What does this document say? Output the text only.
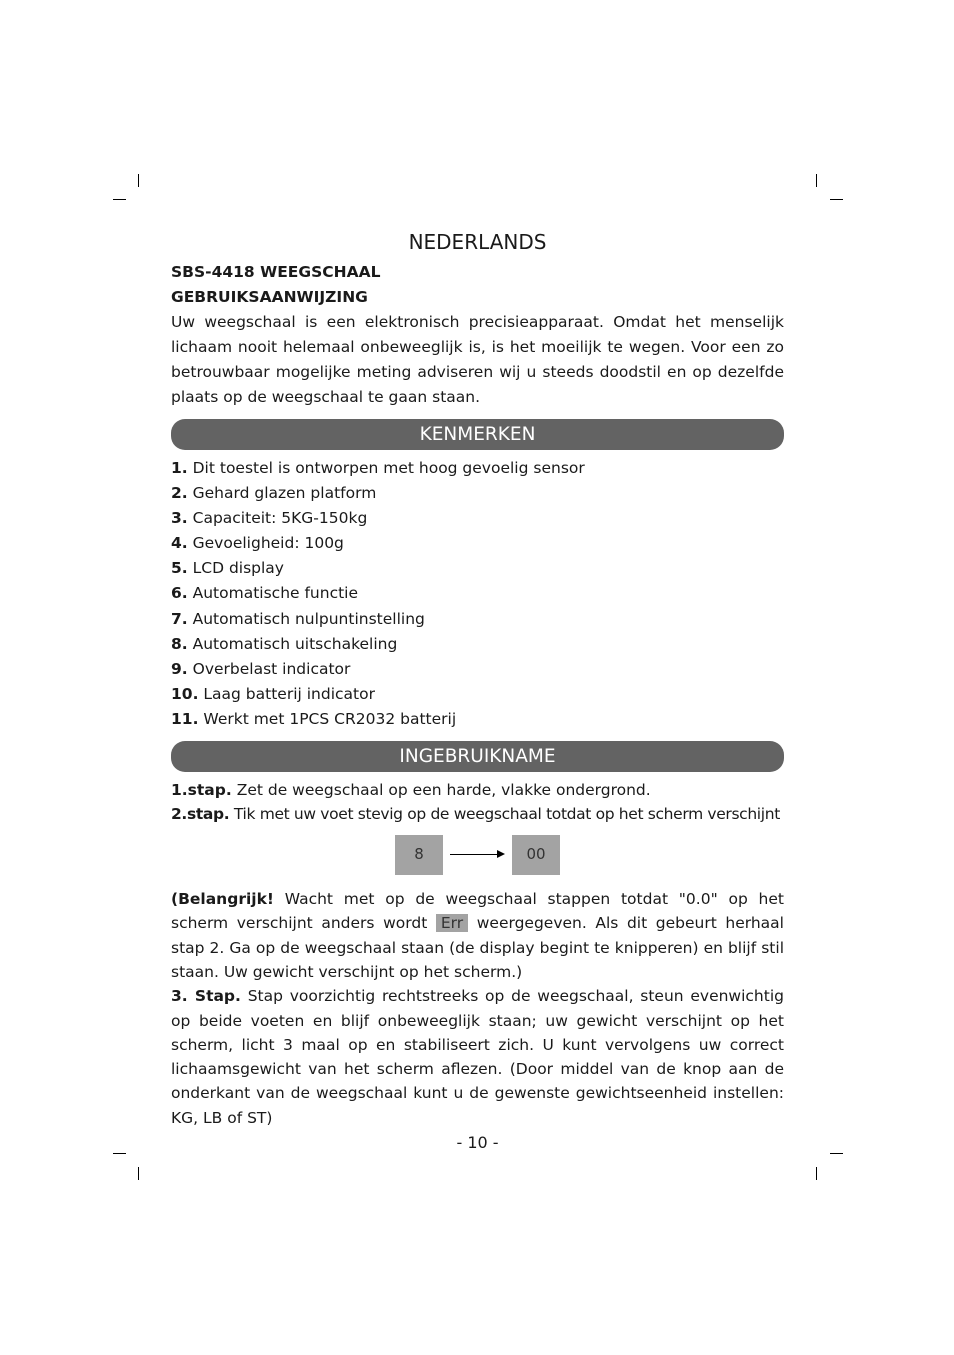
NEDERLANDS
SBS-4418 WEEGSCHAAL
GEBRUIKSAANWIJZING

Uw weegschaal is een elektronisch precisieapparaat. Omdat het menselijk lichaam nooit helemaal onbeweeglijk is, is het moeilijk te wegen. Voor een zo betrouwbaar mogelijke meting adviseren wij u steeds doodstil en op dezelfde plaats op de weegschaal te gaan staan.

KENMERKEN
1. Dit toestel is ontworpen met hoog gevoelig sensor
2. Gehard glazen platform
3. Capaciteit: 5KG-150kg
4. Gevoeligheid: 100g
5. LCD display
6. Automatische functie
7. Automatisch nulpuntinstelling
8. Automatisch uitschakeling
9. Overbelast indicator
10. Laag batterij indicator
11. Werkt met 1PCS CR2032 batterij
INGEBRUIKNAME

1.stap. Zet de weegschaal op een harde, vlakke ondergrond.

2.stap. Tik met uw voet stevig op de weegschaal totdat op het scherm verschijnt

8	00

(Belangrijk! Wacht met op de weegschaal stappen totdat "0.0" op het scherm verschijnt anders wordt Err weergegeven. Als dit gebeurt herhaal stap 2. Ga op de weegschaal staan (de display begint te knipperen) en blijf stil staan. Uw gewicht verschijnt op het scherm.)

3. Stap. Stap voorzichtig rechtstreeks op de weegschaal, steun evenwichtig op beide voeten en blijf onbeweeglijk staan; uw gewicht verschijnt op het scherm, licht 3 maal op en stabiliseert zich. U kunt vervolgens uw correct lichaamsgewicht van het scherm aflezen. (Door middel van de knop aan de onderkant van de weegschaal kunt u de gewenste gewichtseenheid instellen: KG, LB of ST)

- 10 -
